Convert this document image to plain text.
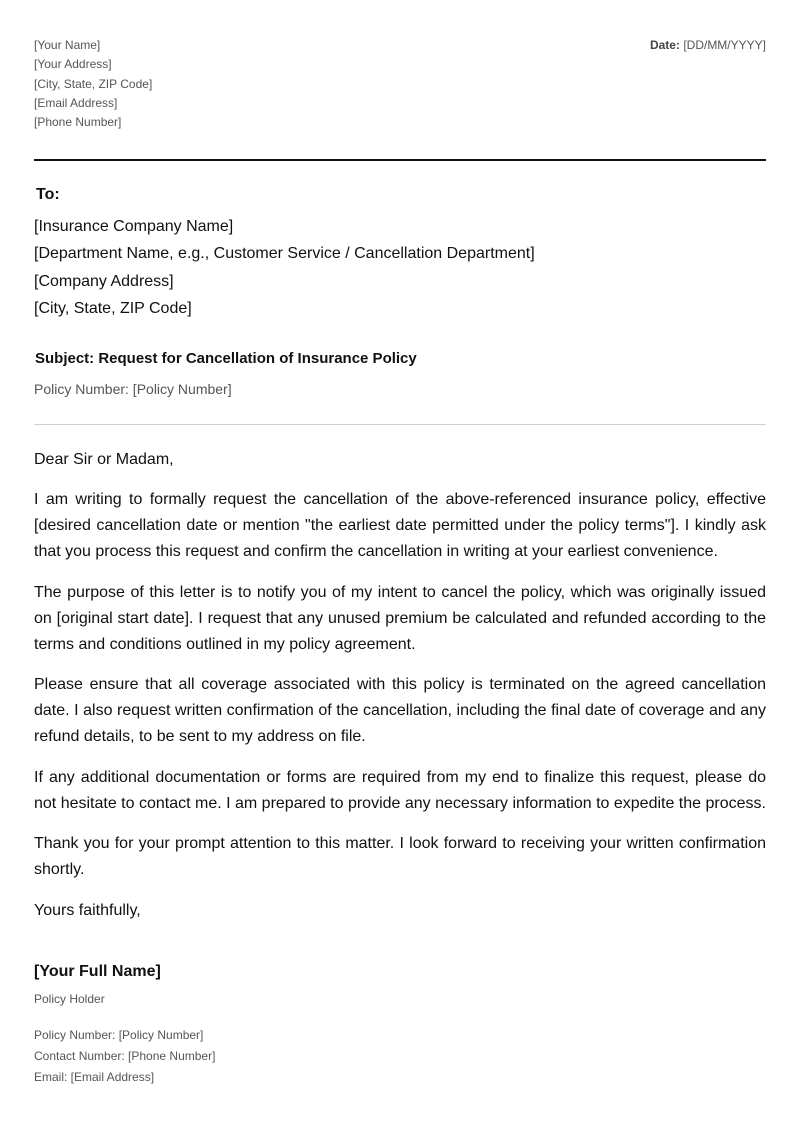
[Your Name]
[Your Address]
[City, State, ZIP Code]
[Email Address]
[Phone Number]
Date: [DD/MM/YYYY]
To:
[Insurance Company Name]
[Department Name, e.g., Customer Service / Cancellation Department]
[Company Address]
[City, State, ZIP Code]
Subject: Request for Cancellation of Insurance Policy
Policy Number: [Policy Number]

Dear Sir or Madam,

I am writing to formally request the cancellation of the above-referenced insurance policy, effective [desired cancellation date or mention "the earliest date permitted under the policy terms"]. I kindly ask that you process this request and confirm the cancellation in writing at your earliest convenience.

The purpose of this letter is to notify you of my intent to cancel the policy, which was originally issued on [original start date]. I request that any unused premium be calculated and refunded according to the terms and conditions outlined in my policy agreement.

Please ensure that all coverage associated with this policy is terminated on the agreed cancellation date. I also request written confirmation of the cancellation, including the final date of coverage and any refund details, to be sent to my address on file.

If any additional documentation or forms are required from my end to finalize this request, please do not hesitate to contact me. I am prepared to provide any necessary information to expedite the process.

Thank you for your prompt attention to this matter. I look forward to receiving your written confirmation shortly.

Yours faithfully,

[Your Full Name]
Policy Holder
Policy Number: [Policy Number]
Contact Number: [Phone Number]
Email: [Email Address]
